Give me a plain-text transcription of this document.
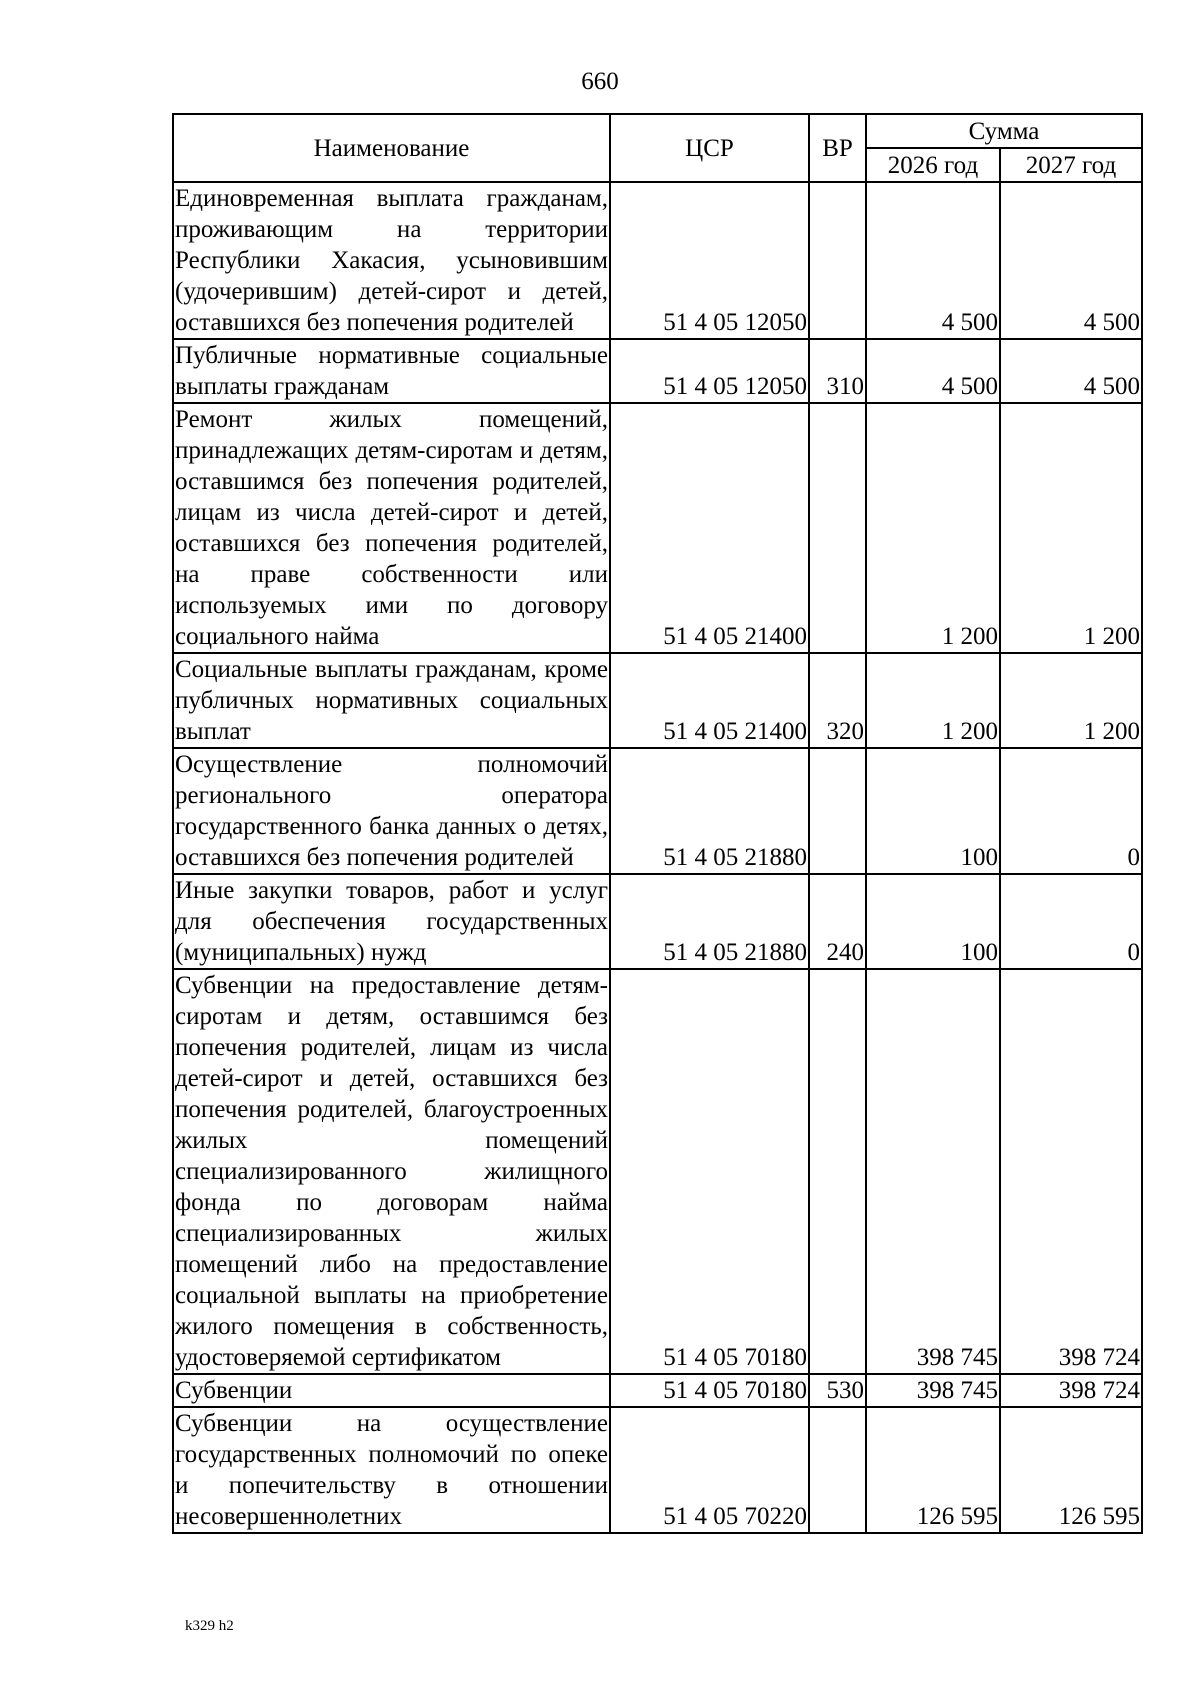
660
Наименование	ЦСР	ВР	Сумма	
			2026 год	2027 год
Единовременная выплата гражданам, проживающим на территории Республики Хакасия, усыновившим (удочерившим) детей-сирот и детей, оставшихся без попечения родителей	51 4 05 12050		4 500	4 500
Публичные нормативные социальные выплаты гражданам	51 4 05 12050	310	4 500	4 500
Ремонт жилых помещений, принадлежащих детям-сиротам и детям, оставшимся без попечения родителей, лицам из числа детей-сирот и детей, оставшихся без попечения родителей, на праве собственности или используемых ими по договору социального найма	51 4 05 21400		1 200	1 200
Социальные выплаты гражданам, кроме публичных нормативных социальных выплат	51 4 05 21400	320	1 200	1 200
Осуществление полномочий регионального оператора государственного банка данных о детях, оставшихся без попечения родителей	51 4 05 21880		100	0
Иные закупки товаров, работ и услуг для обеспечения государственных (муниципальных) нужд	51 4 05 21880	240	100	0
Субвенции на предоставление детям-сиротам и детям, оставшимся без попечения родителей, лицам из числа детей-сирот и детей, оставшихся без попечения родителей, благоустроенных жилых помещений специализированного жилищного фонда по договорам найма специализированных жилых помещений либо на предоставление социальной выплаты на приобретение жилого помещения в собственность, удостоверяемой сертификатом	51 4 05 70180		398 745	398 724
Субвенции	51 4 05 70180	530	398 745	398 724
Субвенции на осуществление государственных полномочий по опеке и попечительству в отношении несовершеннолетних	51 4 05 70220		126 595	126 595
k329 h2
